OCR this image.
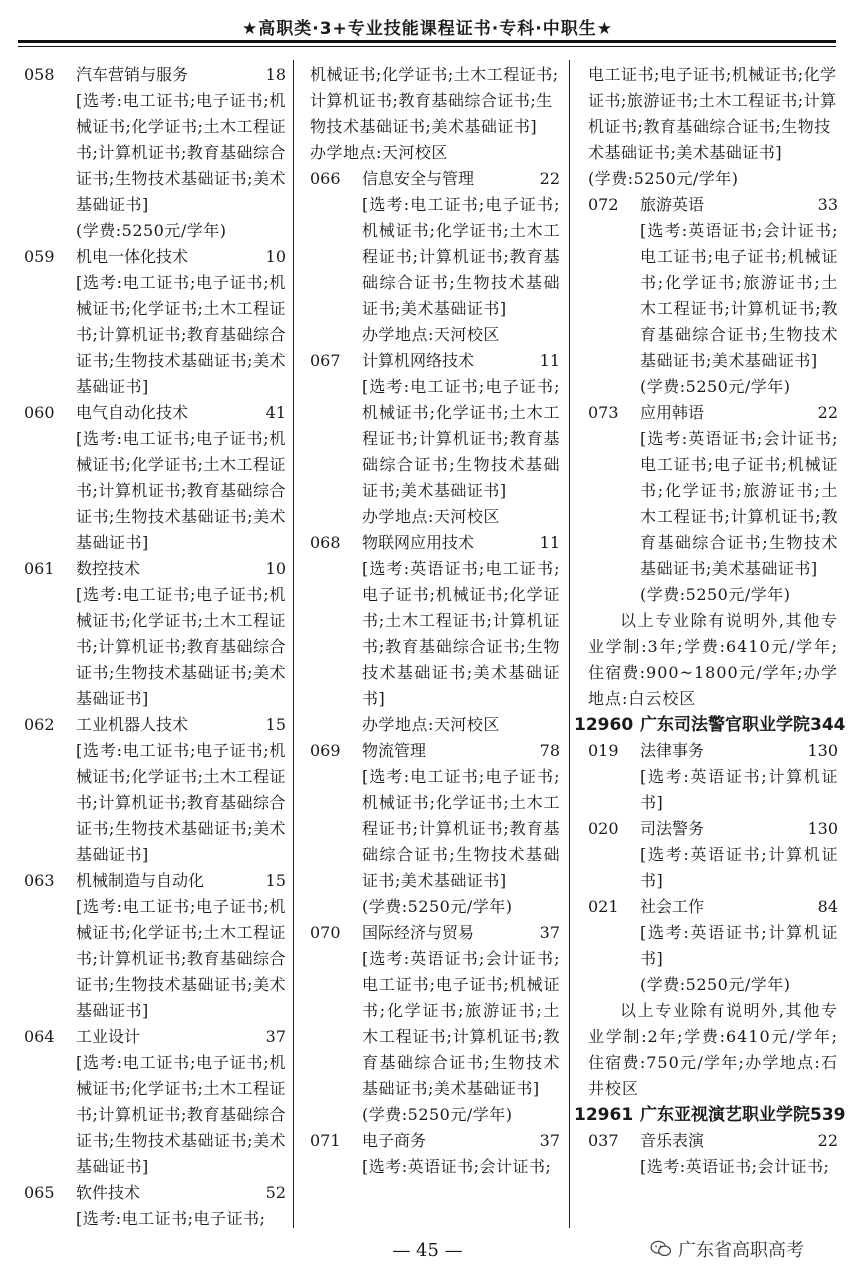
★高职类·3+专业技能课程证书·专科·中职生★
058	汽车营销与服务	18
[选考:电工证书;电子证书;机械证书;化学证书;土木工程证书;计算机证书;教育基础综合证书;生物技术基础证书;美术基础证书]
(学费:5250元/学年)
059	机电一体化技术	10
[选考:电工证书;电子证书;机械证书;化学证书;土木工程证书;计算机证书;教育基础综合证书;生物技术基础证书;美术基础证书]
060	电气自动化技术	41
[选考:电工证书;电子证书;机械证书;化学证书;土木工程证书;计算机证书;教育基础综合证书;生物技术基础证书;美术基础证书]
061	数控技术	10
[选考:电工证书;电子证书;机械证书;化学证书;土木工程证书;计算机证书;教育基础综合证书;生物技术基础证书;美术基础证书]
062	工业机器人技术	15
[选考:电工证书;电子证书;机械证书;化学证书;土木工程证书;计算机证书;教育基础综合证书;生物技术基础证书;美术基础证书]
063	机械制造与自动化	15
[选考:电工证书;电子证书;机械证书;化学证书;土木工程证书;计算机证书;教育基础综合证书;生物技术基础证书;美术基础证书]
064	工业设计	37
[选考:电工证书;电子证书;机械证书;化学证书;土木工程证书;计算机证书;教育基础综合证书;生物技术基础证书;美术基础证书]
065	软件技术	52
[选考:电工证书;电子证书;
机械证书;化学证书;土木工程证书;计算机证书;教育基础综合证书;生物技术基础证书;美术基础证书]
办学地点:天河校区
066	信息安全与管理	22
[选考:电工证书;电子证书;机械证书;化学证书;土木工程证书;计算机证书;教育基础综合证书;生物技术基础证书;美术基础证书]
办学地点:天河校区
067	计算机网络技术	11
[选考:电工证书;电子证书;机械证书;化学证书;土木工程证书;计算机证书;教育基础综合证书;生物技术基础证书;美术基础证书]
办学地点:天河校区
068	物联网应用技术	11
[选考:英语证书;电工证书;电子证书;机械证书;化学证书;土木工程证书;计算机证书;教育基础综合证书;生物技术基础证书;美术基础证书]
办学地点:天河校区
069	物流管理	78
[选考:电工证书;电子证书;机械证书;化学证书;土木工程证书;计算机证书;教育基础综合证书;生物技术基础证书;美术基础证书]
(学费:5250元/学年)
070	国际经济与贸易	37
[选考:英语证书;会计证书;电工证书;电子证书;机械证书;化学证书;旅游证书;土木工程证书;计算机证书;教育基础综合证书;生物技术基础证书;美术基础证书]
(学费:5250元/学年)
071	电子商务	37
[选考:英语证书;会计证书;
电工证书;电子证书;机械证书;化学证书;旅游证书;土木工程证书;计算机证书;教育基础综合证书;生物技术基础证书;美术基础证书]
(学费:5250元/学年)
072	旅游英语	33
[选考:英语证书;会计证书;电工证书;电子证书;机械证书;化学证书;旅游证书;土木工程证书;计算机证书;教育基础综合证书;生物技术基础证书;美术基础证书]
(学费:5250元/学年)
073	应用韩语	22
[选考:英语证书;会计证书;电工证书;电子证书;机械证书;化学证书;旅游证书;土木工程证书;计算机证书;教育基础综合证书;生物技术基础证书;美术基础证书]
(学费:5250元/学年)
以上专业除有说明外,其他专业学制:3年;学费:6410元/学年;住宿费:900~1800元/学年;办学地点:白云校区
12960 广东司法警官职业学院 344
019	法律事务	130
[选考:英语证书;计算机证书]
020	司法警务	130
[选考:英语证书;计算机证书]
021	社会工作	84
[选考:英语证书;计算机证书]
(学费:5250元/学年)
以上专业除有说明外,其他专业学制:2年;学费:6410元/学年;住宿费:750元/学年;办学地点:石井校区
12961 广东亚视演艺职业学院 539
037	音乐表演	22
[选考:英语证书;会计证书;
— 45 —	广东省高职高考
